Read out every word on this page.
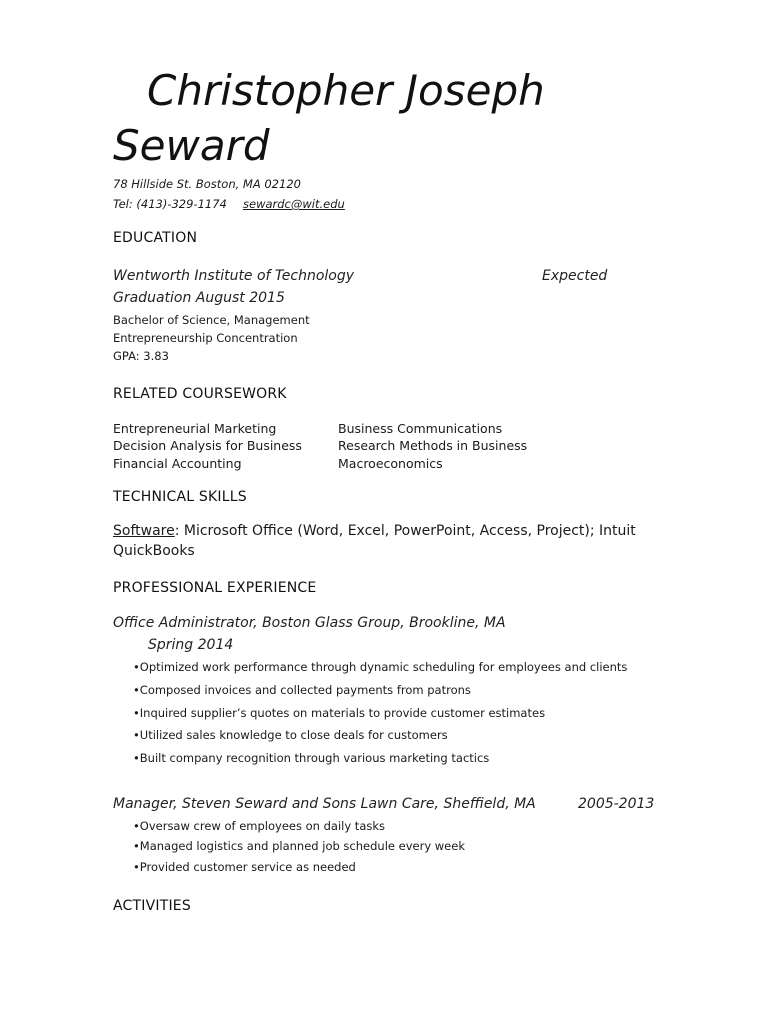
Christopher Joseph
Seward
78 Hillside St. Boston, MA 02120
Tel: (413)-329-1174 sewardc@wit.edu
EDUCATION
Wentworth Institute of Technology	Expected
Graduation August 2015
Bachelor of Science, Management
Entrepreneurship Concentration
GPA: 3.83
RELATED COURSEWORK
Entrepreneurial Marketing
Decision Analysis for Business
Financial Accounting
Business Communications
Research Methods in Business
Macroeconomics
TECHNICAL SKILLS
Software: Microsoft Office (Word, Excel, PowerPoint, Access, Project); Intuit
QuickBooks
PROFESSIONAL EXPERIENCE
Office Administrator, Boston Glass Group, Brookline, MA
Spring 2014
•Optimized work performance through dynamic scheduling for employees and clients
•Composed invoices and collected payments from patrons
•Inquired supplier’s quotes on materials to provide customer estimates
•Utilized sales knowledge to close deals for customers
•Built company recognition through various marketing tactics
Manager, Steven Seward and Sons Lawn Care, Sheffield, MA	2005-2013
•Oversaw crew of employees on daily tasks
•Managed logistics and planned job schedule every week
•Provided customer service as needed
ACTIVITIES
